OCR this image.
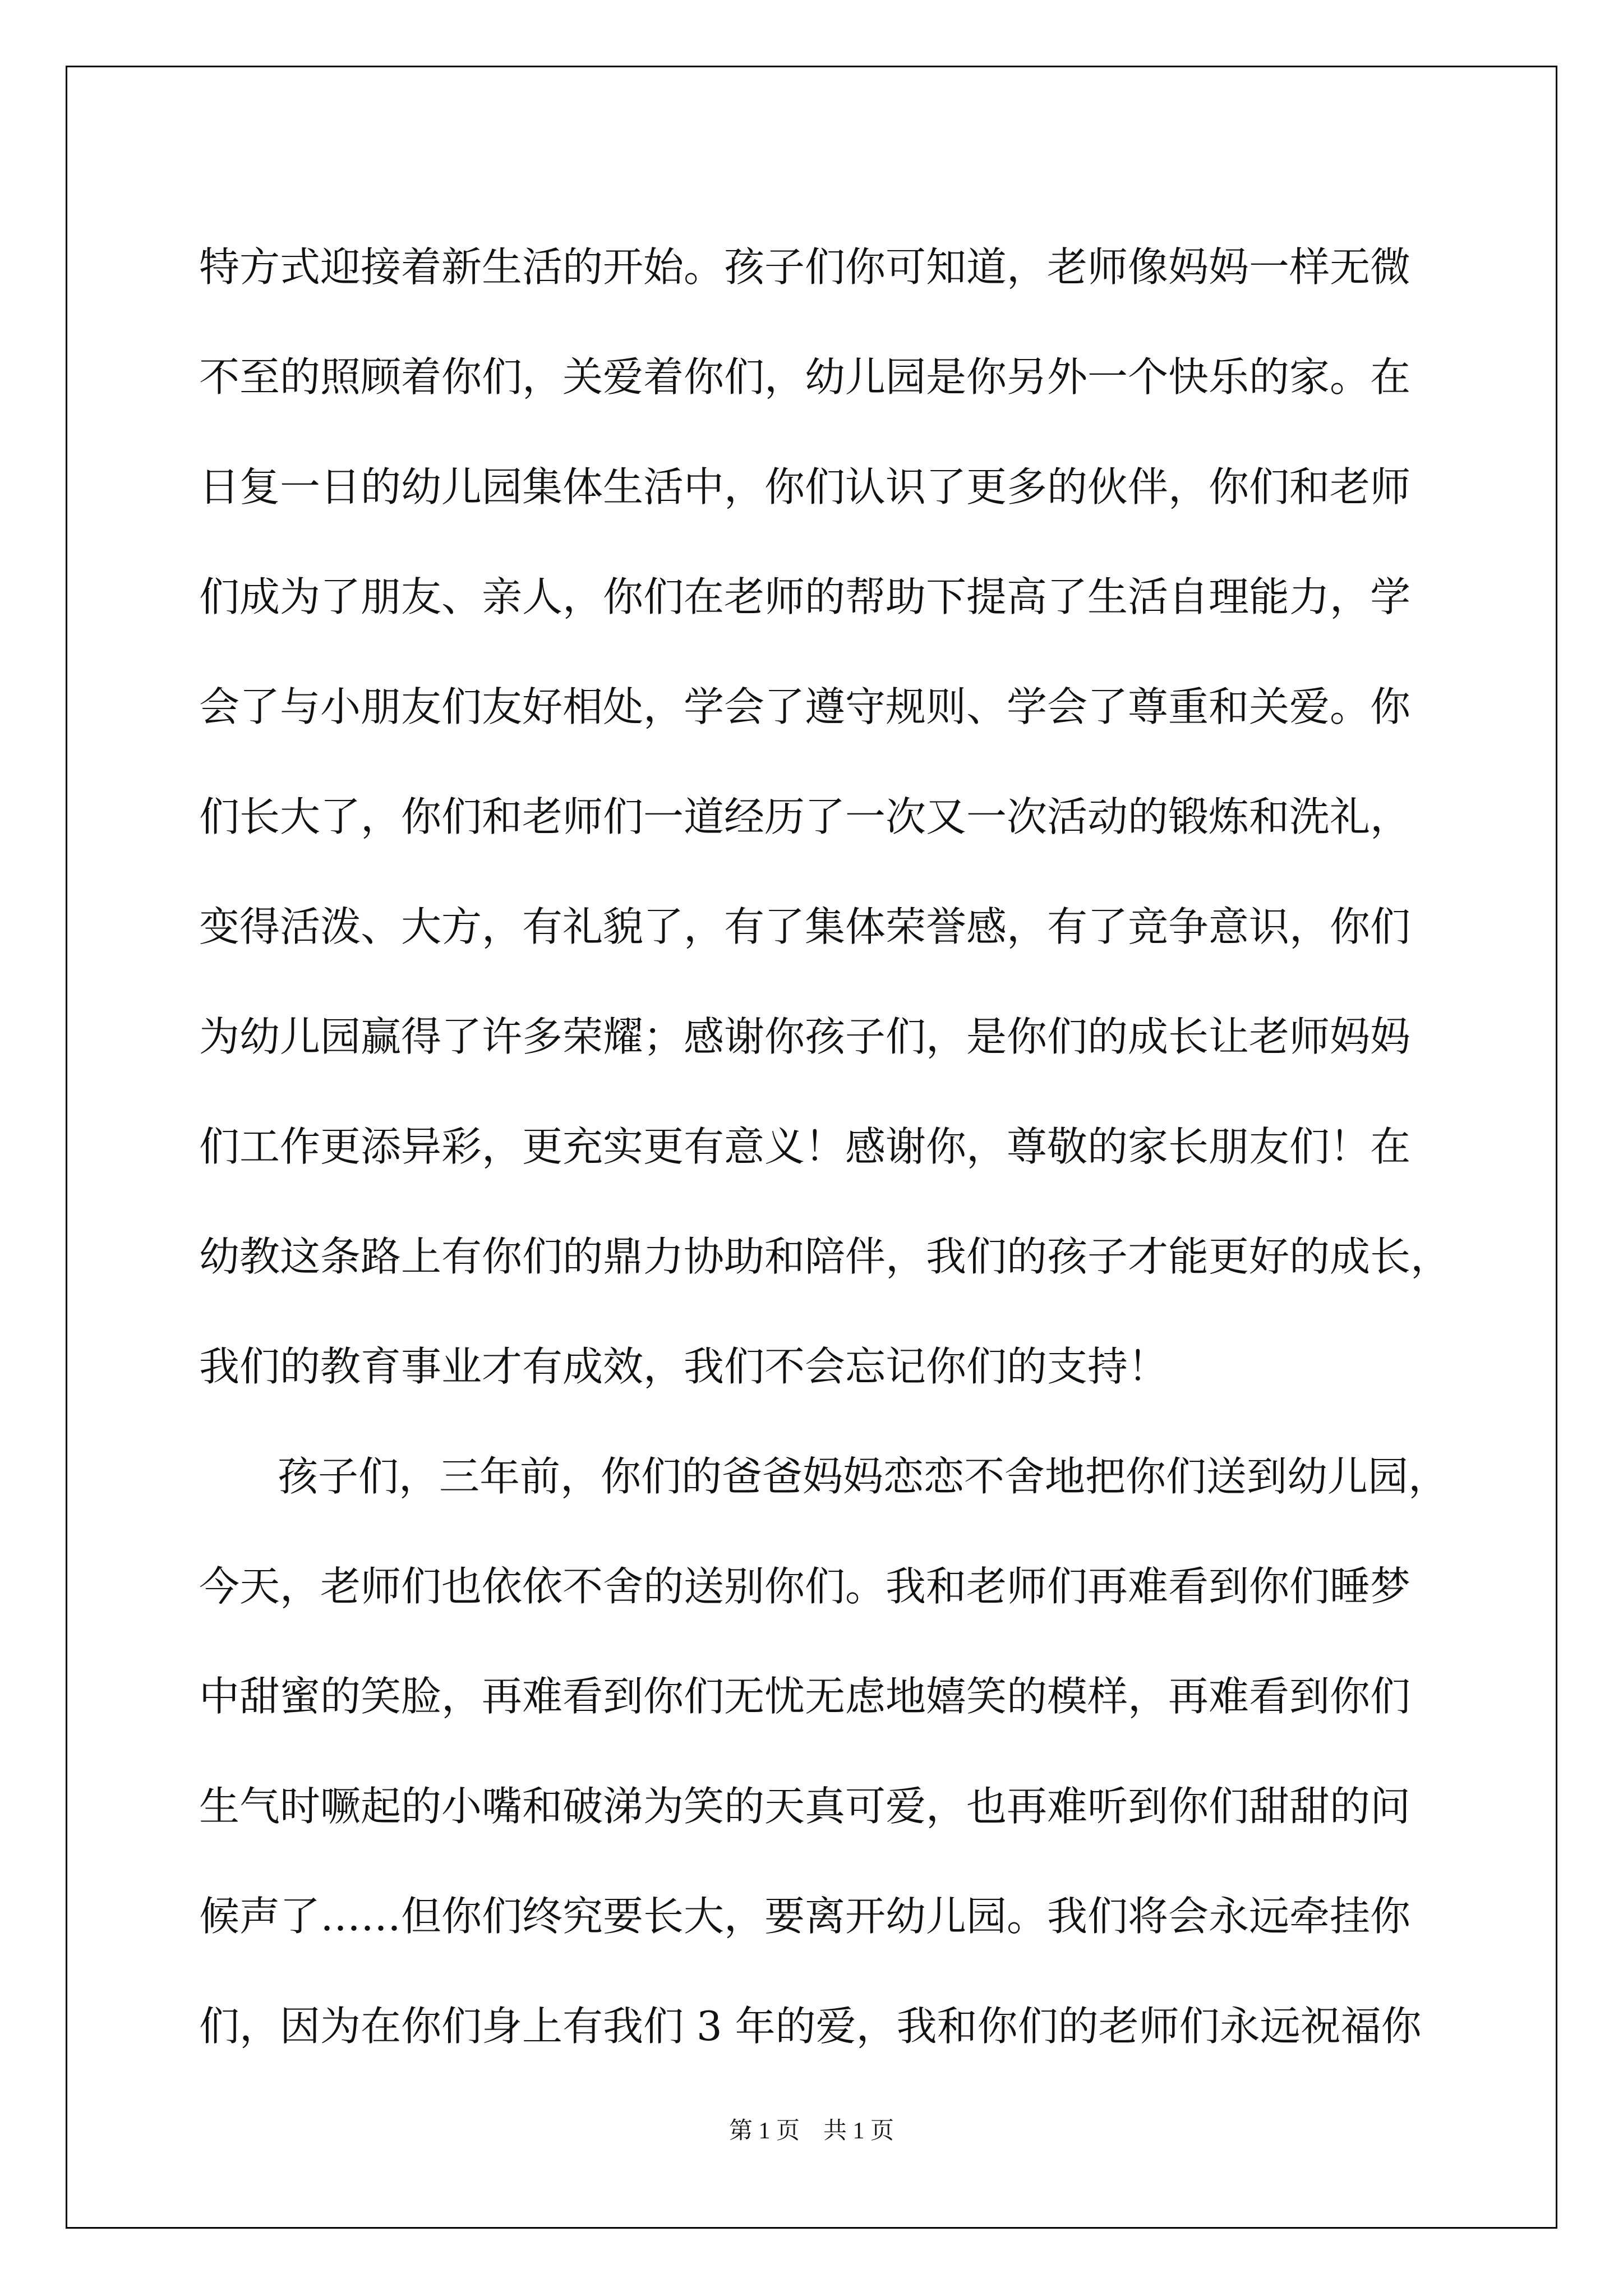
特方式迎接着新生活的开始。孩子们你可知道，老师像妈妈一样无微
不至的照顾着你们，关爱着你们，幼儿园是你另外一个快乐的家。在
日复一日的幼儿园集体生活中，你们认识了更多的伙伴，你们和老师
们成为了朋友、亲人，你们在老师的帮助下提高了生活自理能力，学
会了与小朋友们友好相处，学会了遵守规则、学会了尊重和关爱。你
们长大了，你们和老师们一道经历了一次又一次活动的锻炼和洗礼，
变得活泼、大方，有礼貌了，有了集体荣誉感，有了竞争意识，你们
为幼儿园赢得了许多荣耀；感谢你孩子们，是你们的成长让老师妈妈
们工作更添异彩，更充实更有意义！感谢你，尊敬的家长朋友们！在
幼教这条路上有你们的鼎力协助和陪伴，我们的孩子才能更好的成长，
我们的教育事业才有成效，我们不会忘记你们的支持！
孩子们，三年前，你们的爸爸妈妈恋恋不舍地把你们送到幼儿园，
今天，老师们也依依不舍的送别你们。我和老师们再难看到你们睡梦
中甜蜜的笑脸，再难看到你们无忧无虑地嬉笑的模样，再难看到你们
生气时噘起的小嘴和破涕为笑的天真可爱，也再难听到你们甜甜的问
候声了……但你们终究要长大，要离开幼儿园。我们将会永远牵挂你
们，因为在你们身上有我们 3 年的爱，我和你们的老师们永远祝福你
第 1 页　共 1 页
